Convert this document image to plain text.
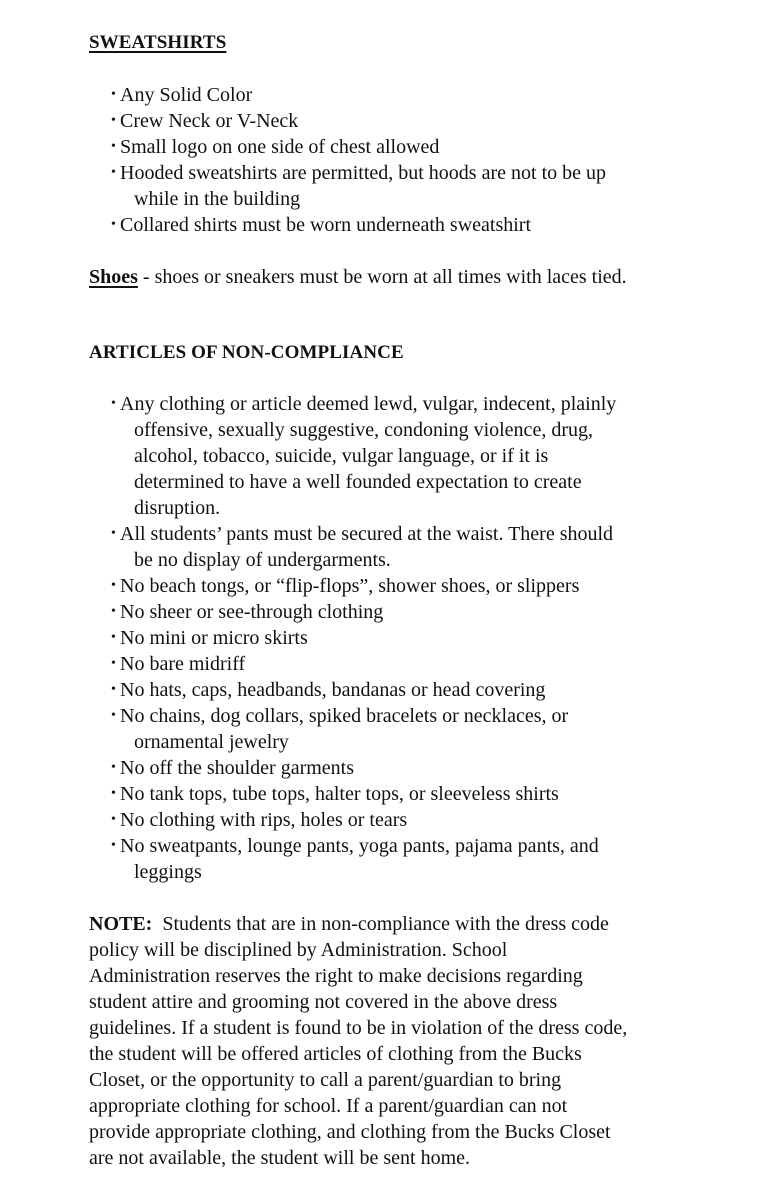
SWEATSHIRTS
• Any Solid Color
• Crew Neck or V-Neck
• Small logo on one side of chest allowed
• Hooded sweatshirts are permitted, but hoods are not to be up
while in the building
• Collared shirts must be worn underneath sweatshirt
Shoes - shoes or sneakers must be worn at all times with laces tied.
ARTICLES OF NON-COMPLIANCE
• Any clothing or article deemed lewd, vulgar, indecent, plainly
offensive, sexually suggestive, condoning violence, drug,
alcohol, tobacco, suicide, vulgar language, or if it is
determined to have a well founded expectation to create
disruption.
• All students’ pants must be secured at the waist. There should
be no display of undergarments.
• No beach tongs, or “flip-flops”, shower shoes, or slippers
• No sheer or see-through clothing
• No mini or micro skirts
• No bare midriff
• No hats, caps, headbands, bandanas or head covering
• No chains, dog collars, spiked bracelets or necklaces, or
ornamental jewelry
• No off the shoulder garments
• No tank tops, tube tops, halter tops, or sleeveless shirts
• No clothing with rips, holes or tears
• No sweatpants, lounge pants, yoga pants, pajama pants, and
leggings
NOTE:  Students that are in non-compliance with the dress code
policy will be disciplined by Administration. School
Administration reserves the right to make decisions regarding
student attire and grooming not covered in the above dress
guidelines. If a student is found to be in violation of the dress code,
the student will be offered articles of clothing from the Bucks
Closet, or the opportunity to call a parent/guardian to bring
appropriate clothing for school. If a parent/guardian can not
provide appropriate clothing, and clothing from the Bucks Closet
are not available, the student will be sent home.
